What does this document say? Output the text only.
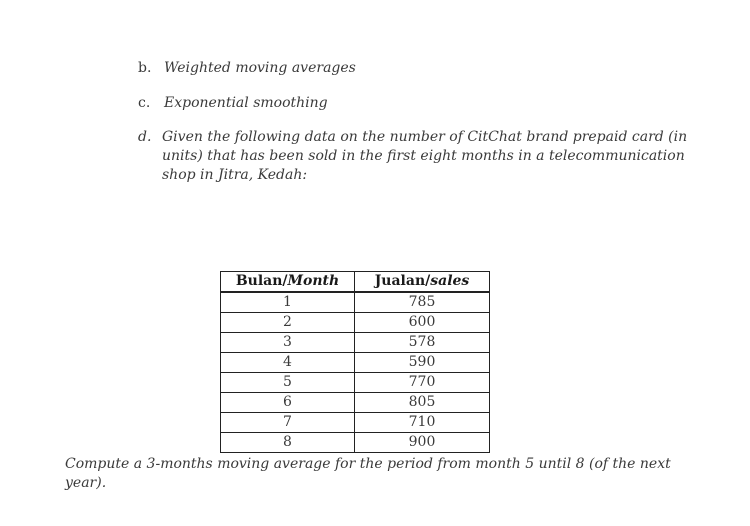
b. Weighted moving averages
c. Exponential smoothing
d. Given the following data on the number of CitChat brand prepaid card (in
units) that has been sold in the first eight months in a telecommunication
shop in Jitra, Kedah:
Bulan/Month	Jualan/sales
1	785
2	600
3	578
4	590
5	770
6	805
7	710
8	900
Compute a 3-months moving average for the period from month 5 until 8 (of the next
year).
